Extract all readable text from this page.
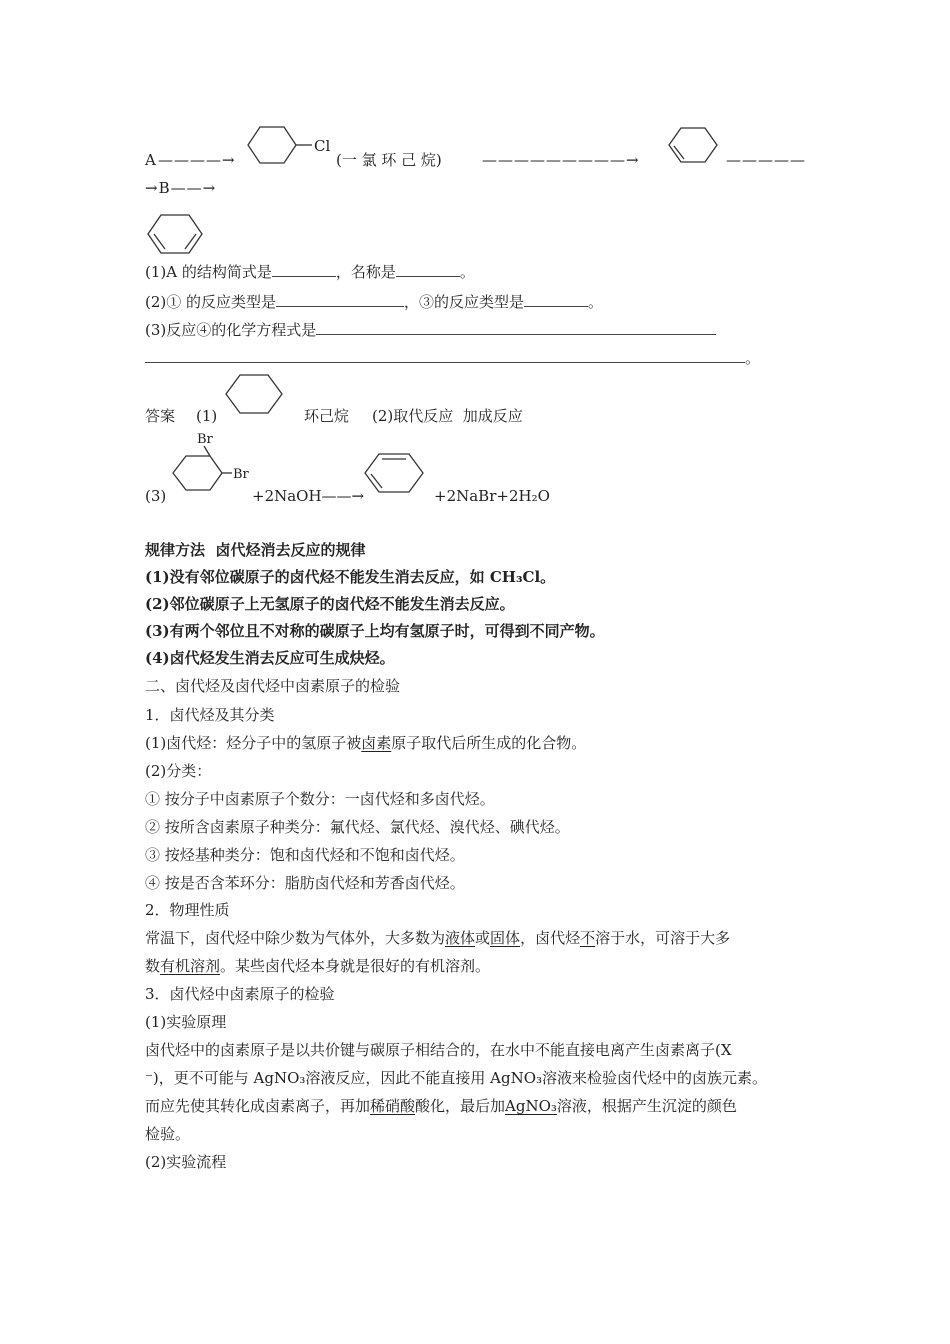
A ————→
Cl
(一 氯 环 己 烷)	—————————→	—————
→B——→
(1)A 的结构简式是	，名称是	。
(2)① 的反应类型是	，③的反应类型是	。
(3)反应④的化学方程式是
。
答案 (1)	环己烷 (2)取代反应  加成反应
(3)
Br
Br
+2NaOH——→	+2NaBr+2H₂O
规律方法  卤代烃消去反应的规律
(1)没有邻位碳原子的卤代烃不能发生消去反应，如 CH₃Cl。
(2)邻位碳原子上无氢原子的卤代烃不能发生消去反应。
(3)有两个邻位且不对称的碳原子上均有氢原子时，可得到不同产物。
(4)卤代烃发生消去反应可生成炔烃。
二、卤代烃及卤代烃中卤素原子的检验
1．卤代烃及其分类
(1)卤代烃：烃分子中的氢原子被卤素原子取代后所生成的化合物。
(2)分类：
① 按分子中卤素原子个数分：一卤代烃和多卤代烃。
② 按所含卤素原子种类分：氟代烃、氯代烃、溴代烃、碘代烃。
③ 按烃基种类分：饱和卤代烃和不饱和卤代烃。
④ 按是否含苯环分：脂肪卤代烃和芳香卤代烃。
2．物理性质
常温下，卤代烃中除少数为气体外，大多数为液体或固体，卤代烃不溶于水，可溶于大多
数有机溶剂。某些卤代烃本身就是很好的有机溶剂。
3．卤代烃中卤素原子的检验
(1)实验原理
卤代烃中的卤素原子是以共价键与碳原子相结合的，在水中不能直接电离产生卤素离子(X
⁻)，更不可能与 AgNO₃溶液反应，因此不能直接用 AgNO₃溶液来检验卤代烃中的卤族元素。
而应先使其转化成卤素离子，再加稀硝酸酸化，最后加AgNO₃溶液，根据产生沉淀的颜色
检验。
(2)实验流程
